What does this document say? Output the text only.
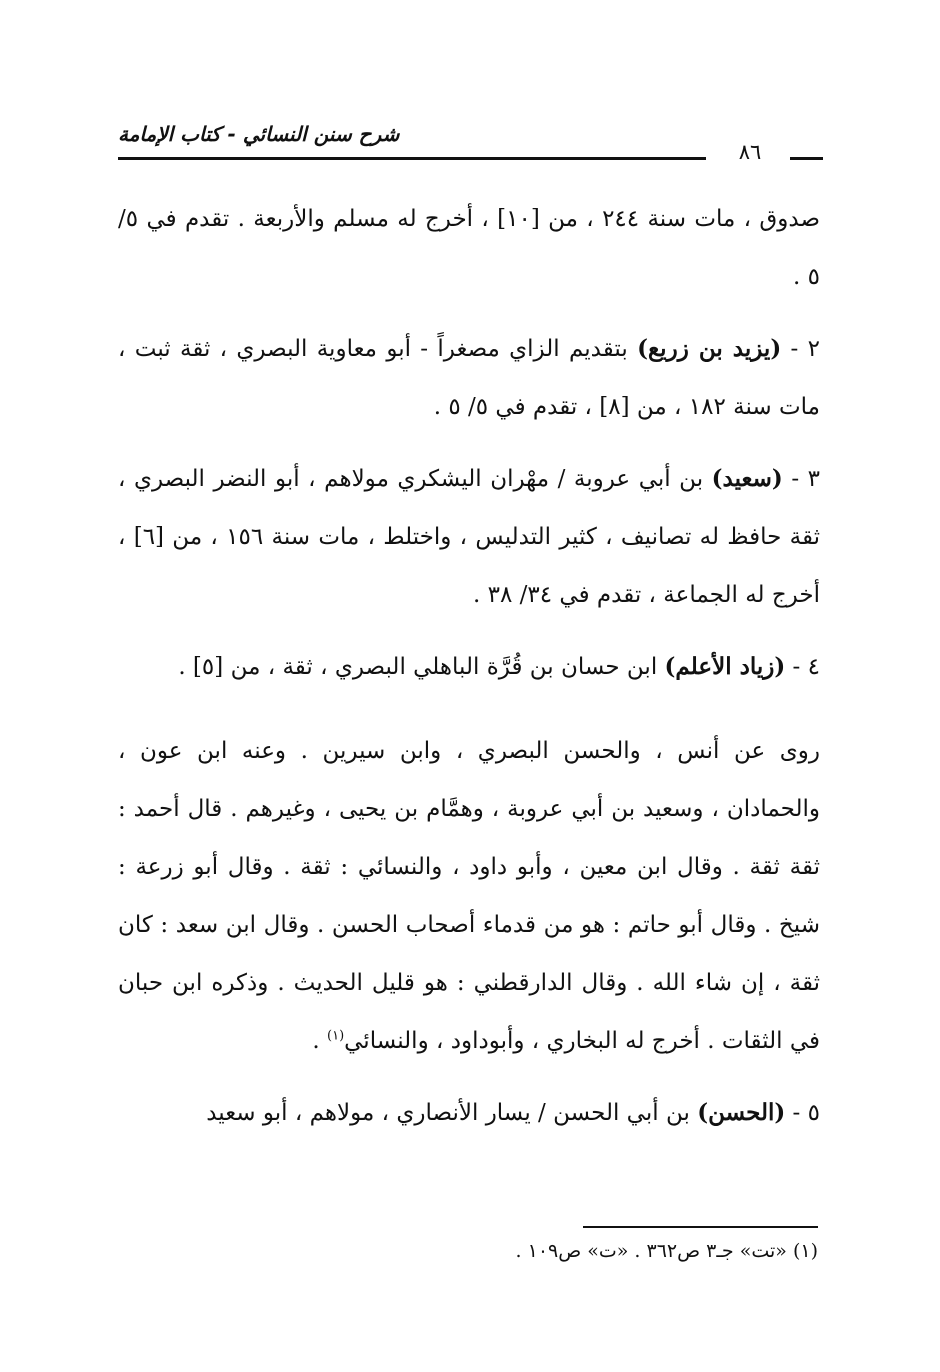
شرح سنن النسائي - كتاب الإمامة
٨٦

صدوق ، مات سنة ٢٤٤ ، من [١٠] ، أخرج له مسلم والأربعة . تقدم في ٥/ ٥ .

٢ - (يزيد بن زريع) بتقديم الزاي مصغراً - أبو معاوية البصري ، ثقة ثبت ، مات سنة ١٨٢ ، من [٨] ، تقدم في ٥/ ٥ .

٣ - (سعيد) بن أبي عروبة / مهْران اليشكري مولاهم ، أبو النضر البصري ، ثقة حافظ له تصانيف ، كثير التدليس ، واختلط ، مات سنة ١٥٦ ، من [٦] ، أخرج له الجماعة ، تقدم في ٣٤/ ٣٨ .

٤ - (زياد الأعلم) ابن حسان بن قُرَّة الباهلي البصري ، ثقة ، من [٥] .

روى عن أنس ، والحسن البصري ، وابن سيرين . وعنه ابن عون ، والحمادان ، وسعيد بن أبي عروبة ، وهمَّام بن يحيى ، وغيرهم . قال أحمد : ثقة ثقة . وقال ابن معين ، وأبو داود ، والنسائي : ثقة . وقال أبو زرعة : شيخ . وقال أبو حاتم : هو من قدماء أصحاب الحسن . وقال ابن سعد : كان ثقة ، إن شاء الله . وقال الدارقطني : هو قليل الحديث . وذكره ابن حبان في الثقات . أخرج له البخاري ، وأبوداود ، والنسائي$^{(١)}$ .

٥ - (الحسن) بن أبي الحسن / يسار الأنصاري ، مولاهم ، أبو سعيد

(١) «تت» جـ٣ ص٣٦٢ . «ت» ص١٠٩ .
